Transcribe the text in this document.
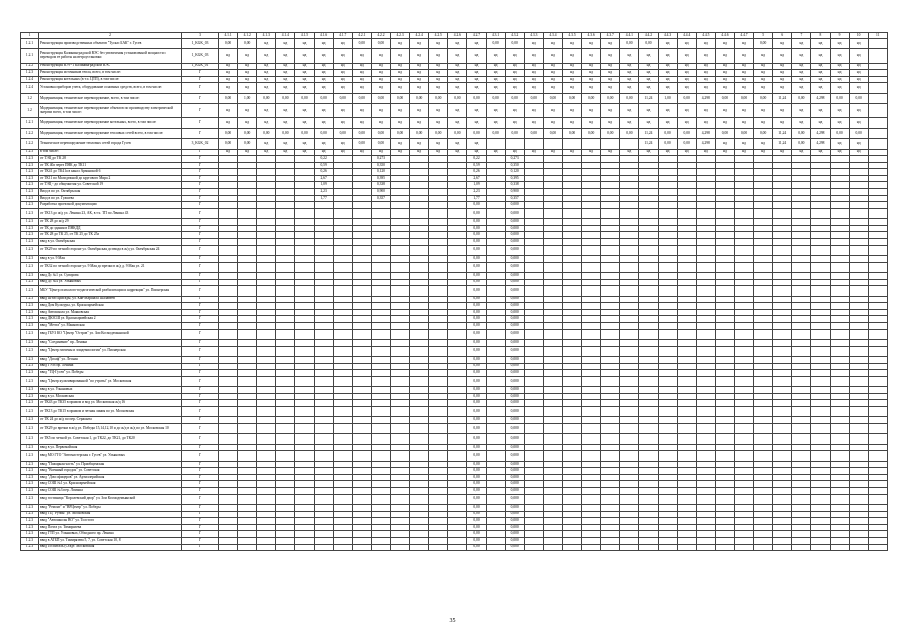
1	2	3	4.1.1	4.1.2	4.1.3	4.1.4	4.1.5	4.1.6	4.1.7	4.2.1	4.2.2	4.2.3	4.2.4	4.2.5	4.2.6	4.2.7	4.3.1	4.3.2	4.3.3	4.3.4	4.3.5	4.3.6	4.3.7	4.4.1	4.4.2	4.4.3	4.4.4	4.4.5	4.4.6	4.4.7	5	6	7	8	9	10	11
1.2.1	Реконструкция производственных объектов "Тускас БАК" г. Гусев	1_KGK_03	0,00	0,00	нд	нд	нд	нд	нд	0,00	0,00	нд	нд	нд	нд	нд	0,00	0,00	нд	нд	нд	нд	нд	0,00	0,00	нд	нд	нд	нд	нд	0,00	нд	нд	нд	нд	нд	
1.2.1	Реконструкция Калининградской ВЭС без увеличения установленной мощности с переводом ее работы на ветроустановки	1_KGK_03	нд	нд	нд	нд	нд	нд	нд	нд	нд	нд	нд	нд	нд	нд	нд	нд	нд	нд	нд	нд	нд	нд	нд	нд	нд	нд	нд	нд	нд	нд	нд	нд	нд	нд	
1.2.2	Реконструкция ВЭУ-1 Калининградской ВЭС	1_KGK_01	нд	нд	нд	нд	нд	нд	нд	нд	нд	нд	нд	нд	нд	нд	нд	нд	нд	нд	нд	нд	нд	нд	нд	нд	нд	нд	нд	нд	нд	нд	нд	нд	нд	нд	
1.2.3	Реконструкция источников тепла, всего, в том числе:	Г	нд	нд	нд	нд	нд	нд	нд	нд	нд	нд	нд	нд	нд	нд	нд	нд	нд	нд	нд	нд	нд	нд	нд	нд	нд	нд	нд	нд	нд	нд	нд	нд	нд	нд	
1.2.4	Реконструкция котельных (в т.ч. ЦТП), в том числе:	Г	нд	нд	нд	нд	нд	нд	нд	нд	нд	нд	нд	нд	нд	нд	нд	нд	нд	нд	нд	нд	нд	нд	нд	нд	нд	нд	нд	нд	нд	нд	нд	нд	нд	нд	
1.2.4	Установка приборов учета, оборудование основных средств, всего, в том числе:	Г	нд	нд	нд	нд	нд	нд	нд	нд	нд	нд	нд	нд	нд	нд	нд	нд	нд	нд	нд	нд	нд	нд	нд	нд	нд	нд	нд	нд	нд	нд	нд	нд	нд	нд	
1.2	Модернизация, техническое перевооружение, всего, в том числе:	Г	0,00	1,00	0,00	0,00	0,00	0,00	0,00	0,00	0,00	0,00	0,00	0,00	0,00	0,00	0,00	0,00	0,00	0,00	0,00	0,00	0,00	0,00	11,24	1,00	0,00	4,298	0,00	0,00	0,00	11,24	0,00	4,298	0,00	0,00	
1.2	Модернизация, техническое перевооружение объектов по производству электрической энергии всего, в том числе:	Г	нд	нд	нд	нд	нд	нд	нд	нд	нд	нд	нд	нд	нд	нд	нд	нд	нд	нд	нд	нд	нд	нд	нд	нд	нд	нд	нд	нд	нд	нд	нд	нд	нд	нд	
1.2.1	Модернизация, техническое перевооружение котельных, всего, в том числе:	Г	нд	нд	нд	нд	нд	нд	нд	нд	нд	нд	нд	нд	нд	нд	нд	нд	нд	нд	нд	нд	нд	нд	нд	нд	нд	нд	нд	нд	нд	нд	нд	нд	нд	нд	
1.2.2	Модернизация, техническое перевооружение тепловых сетей всего, в том числе:	Г	0,00	0,00	0,00	0,00	0,00	0,00	0,00	0,00	0,00	0,00	0,00	0,00	0,00	0,00	0,00	0,00	0,00	0,00	0,00	0,00	0,00	0,00	11,24	0,00	0,00	4,298	0,00	0,00	0,00	11,24	0,00	4,298	0,00	0,00	
1.2.2	Техническое перевооружение тепловых сетей города Гусев	3_KGK_02	0,00	0,00	нд	нд	нд	нд	нд	0,00	0,00	нд	нд	нд	нд	нд									11,24	0,00	0,00	4,298	нд	нд	нд	11,24	0,00	4,298	нд	нд	
1.2.3	в том числе:	Г	нд	нд	нд	нд	нд	нд	нд	нд	нд	нд	нд	нд	нд	нд	нд	нд	нд	нд	нд	нд	нд	нд	нд	нд	нд	нд	нд	нд	нд	нд	нд	нд	нд	нд	
1.2.3	от ТЭЦ до ТК 28	Г						0,22			0,273					0,22		0,273																			
1.2.3	от ТК 40а через ПНК до ТК11	Г						0,59			0,350					0,59		0,350																			
1.2.3	от ТК41 до ТК41а в канал Армянской 6	Г						0,26			0,120					0,26		0,120																			
1.2.3	от ТК11 по Молодежной до кругового Мира 2	Г						2,67			0,395					2,67		0,395																			
1.2.3	от ТЭЦ - до общежития ул. Советской 19	Г						1,09			0,338					1,09		0,338																			
1.2.3	Ввод в по ул. Октябрьская	Г						2,23			0,900					2,23		0,900																			
1.2.3	Ввод в по ул. Гуашева	Г						1,77			0,357					1,77		0,357																			
1.2.3	Разработка проектной документации	Г														0,00		0,000																			
1.2.3	от ТК13 до ж/д ул. Ленина 23, АК, в т.ч. ТП по Ленина 43	Г														0,00		0,000																			
1.2.3	от ТК 28 до ж/д 29	Г														0,00		0,000																			
1.2.3	от ТК до здания в ПНКДД	Г														0,00		0,000																			
1.2.3	от ТК 28 до ТК 25, от ТК 25 до ТК 25а	Г														0,00		0,000																			
1.2.3	ввод в ул. Октябрьская	Г														0,00		0,000																			
1.2.3	от ТК29 по четной стороне ул. Октябрьская до ввода в ж/д ул. Октябрьская 24	Г														0,00		0,000																			
1.2.3	ввод в ул. 9 Мая	Г														0,00		0,000																			
1.2.3	от ТК32 по четной стороне ул. 9 Мая до врезки в ж/д д. 9 Мая ул. 21	Г														0,00		0,000																			
1.2.3	ввод Дс №1 ул. Суворова	Г														0,00		0,000																			
1.2.3	ввод Дс №4 ул. Ульяновых	Г														0,00		0,000																			
1.2.3	МБУ "Центр психолого-педагогической реабилитации и коррекции" ул. Пионерская	Г														0,00		0,000																			
1.2.3	ввод Штаб Бригады, ул. Кав-Маршала Шалавеев	Г														0,00		0,000																			
1.2.3	ввод Дом Культуры, ул. Красноармейская	Г														0,00		0,000																			
1.2.3	ввод Автошкола ул. Маяковская	Г														0,00		0,000																			
1.2.3	ввод ДЮСШ ул. Красноармейская 2	Г														0,00		0,000																			
1.2.3	ввод "Мечта" ул. Маяковская	Г														0,00		0,000																			
1.2.3	ввод ГБУЗ КО "Центр "Остров" ул. Зои Космодемьянской	Г														0,00		0,000																			
1.2.3	ввод "Соединение" пр. Ленина	Г														0,00		0,000																			
1.2.3	ввод "Центр гигиены и эпидемиологии" ул. Пионерская	Г														0,00		0,000																			
1.2.3	ввод "Досаф" ул. Лесная	Г														0,00		0,000																			
1.2.3	ввод ГУМ пр. Ленина	Г														0,00		0,000																			
1.2.3	ввод "ТЦ-Гусев" ул. Победы	Г														0,00		0,000																			
1.2.3	ввод "Центр культивированной "по утраты" ул. Московская	Г														0,00		0,000																			
1.2.3	ввод в ул. Ульяновых	Г														0,00		0,000																			
1.2.3	ввод в ул. Московская	Г														0,00		0,000																			
1.2.3	от ТК43 до ТК35 в прямом и вод ул. Московская ж/д 16	Г														0,00		0,000																			
1.2.3	от ТК13 до ТК15 в прямом и четная линия по ул. Московская	Г														0,00		0,000																			
1.2.3	от ТК 24 до ж/д по пер. Сержанта	Г														0,00		0,000																			
1.2.3	от ТК29 до врезки в ж/д ул. Победы 15,14,12,10 и до ж/д в ж/д по ул. Московская 10	Г														0,00		0,000																			
1.2.3	от ТК5 по четной ул. Советская 1, до ТК22, до ТК21, до ТК20	Г														0,00		0,000																			
1.2.3	ввод в ул. Первомайская	Г														0,00		0,000																			
1.2.3	ввод МО ГТО "Автомастерская г. Гусев" ул. Ульяновых	Г														0,00		0,000																			
1.2.3	ввод "Пожарная часть" ул. Приобщенская	Г														0,00		0,000																			
1.2.3	ввод "Военный городок" ул. Советская	Г														0,00		0,000																			
1.2.3	ввод "Дом офицеров" ул. Артиллерийская	Г														0,00		0,000																			
1.2.3	ввод СОШ №1 ул. Красноармейская	Г														0,00		0,000																			
1.2.3	ввод СОШ №3 пер. Ломаша	Г														0,00		0,000																			
1.2.3	ввод гостиница "Королевский двор" ул. Зои Космодемьянской	Г														0,00		0,000																			
1.2.3	ввод "Ремонт" и "ВРЦентр" ул. Победы	Г														0,00		0,000																			
1.2.3	ввод ТЦ "Рубин" ул. Московская	Г														0,00		0,000																			
1.2.3	ввод "Автошколы ВО" ул. Толстого	Г														0,00		0,000																			
1.2.3	ввод Почта ул. Тимирязева	Г														0,00		0,000																			
1.2.3	ввод ГТП ул. Ульяновых, Обходного пр. Ленина	Г														0,00		0,000																			
1.2.3	ввод в АТБП ул. Тимирязева 5, 7, ул. Советская 10, 8	Г														0,00		0,000																			
1.2.3	ввод Госпиталь (Стадт. Московская	Г														0,00		0,000																			
35
